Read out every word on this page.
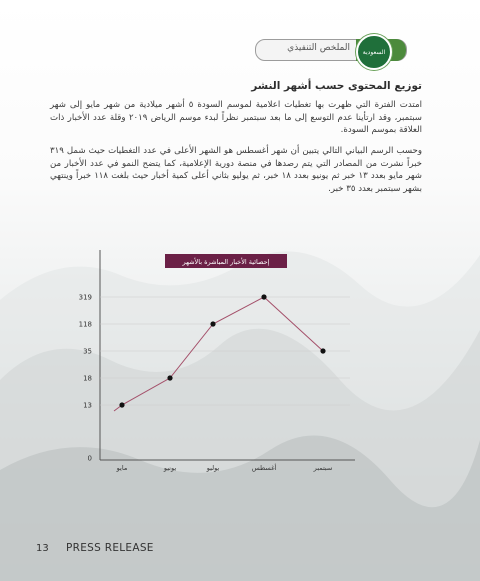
الملخص التنفيذي السعودية
توزيع المحتوى حسب أشهر النشر

امتدت الفترة التي ظهرت بها تغطيات اعلامية لموسم السودة ٥ أشهر ميلادية من شهر مايو إلى شهر سبتمبر، وقد ارتأينا عدم التوسع إلى ما بعد سبتمبر نظراً لبدء موسم الرياض ٢٠١٩ وقلة عدد الأخبار ذات العلاقة بموسم السودة.

وحسب الرسم البياني التالي يتبين أن شهر أغسطس هو الشهر الأعلى في عدد التغطيات حيث شمل ٣١٩ خبراً نشرت من المصادر التي يتم رصدها في منصة دورية الإعلامية، كما يتضح النمو في عدد الأخبار من شهر مايو بعدد ١٣ خبر ثم يونيو بعدد ١٨ خبر، ثم يوليو بثاني أعلى كمية أخبار حيث بلغت ١١٨ خبراً وينتهي بشهر سبتمبر بعدد ٣٥ خبر.

إحصائية الأخبار المباشرة بالأشهر
0
13
18
35
118
319
مايو	يونيو	يوليو	أغسطس	سبتمبر
13 PRESS RELEASE
